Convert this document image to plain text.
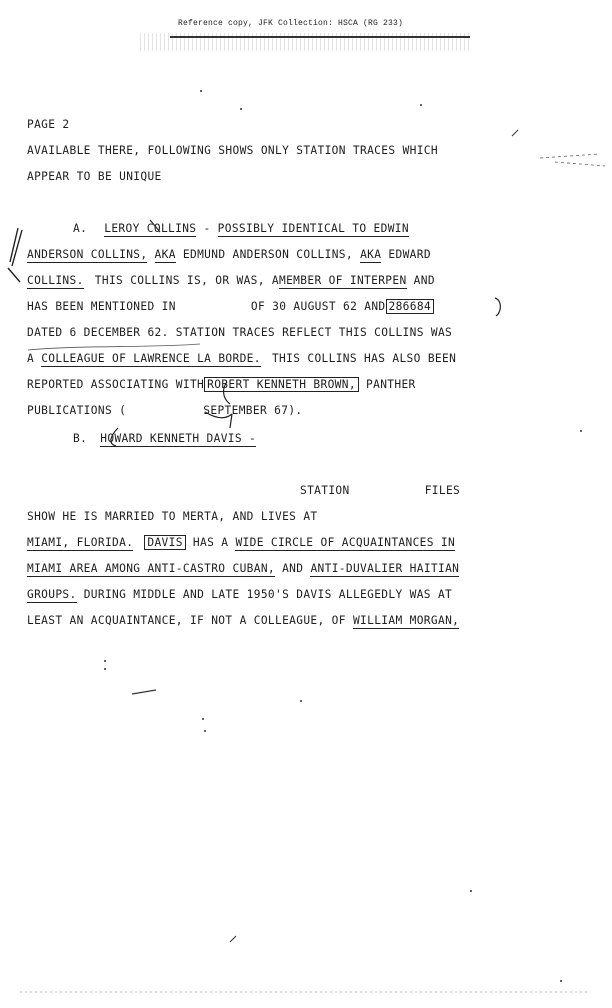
Reference copy, JFK Collection: HSCA (RG 233)
PAGE 2
AVAILABLE THERE, FOLLOWING SHOWS ONLY STATION TRACES WHICH
APPEAR TO BE UNIQUE
A. LEROY COLLINS - POSSIBLY IDENTICAL TO EDWIN
ANDERSON COLLINS, AKA EDMUND ANDERSON COLLINS, AKA EDWARD
COLLINS. THIS COLLINS IS, OR WAS, AMEMBER OF INTERPEN AND
HAS BEEN MENTIONED IN	OF 30 AUGUST 62 AND 286684
DATED 6 DECEMBER 62. STATION TRACES REFLECT THIS COLLINS WAS
A COLLEAGUE OF LAWRENCE LA BORDE. THIS COLLINS HAS ALSO BEEN
REPORTED ASSOCIATING WITH ROBERT KENNETH BROWN, PANTHER
PUBLICATIONS (	SEPTEMBER 67).
B. HOWARD KENNETH DAVIS -
STATION	FILES
SHOW HE IS MARRIED TO MERTA, AND LIVES AT
MIAMI, FLORIDA. DAVIS HAS A WIDE CIRCLE OF ACQUAINTANCES IN
MIAMI AREA AMONG ANTI-CASTRO CUBAN, AND ANTI-DUVALIER HAITIAN
GROUPS. DURING MIDDLE AND LATE 1950'S DAVIS ALLEGEDLY WAS AT
LEAST AN ACQUAINTANCE, IF NOT A COLLEAGUE, OF WILLIAM MORGAN,
